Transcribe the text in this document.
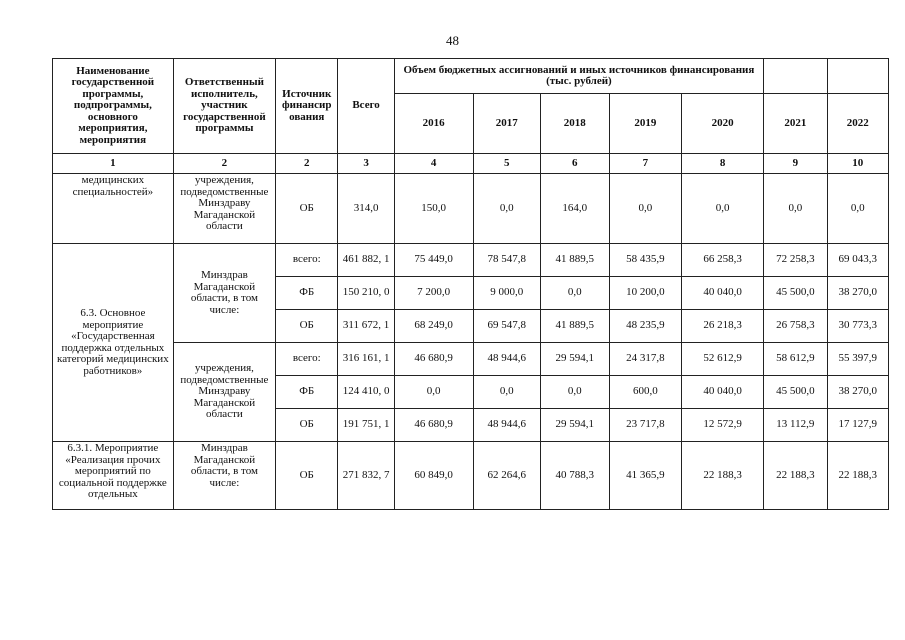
48
Наименование государственной программы, подпрограммы, основного мероприятия, мероприятия	Ответственный исполнитель, участник государственной программы	Источник финансир ования	Всего	Объем бюджетных ассигнований и иных источников финансирования (тыс. рублей)						
				2016	2017	2018	2019	2020	2021	2022
1	2	2	3	4	5	6	7	8	9	10
медицинских специальностей»	учреждения, подведомственные Минздраву Магаданской области	ОБ	314,0	150,0	0,0	164,0	0,0	0,0	0,0	0,0
6.3. Основное мероприятие «Государственная поддержка отдельных категорий медицинских работников»	Минздрав Магаданской области, в том числе:	всего:	461 882, 1	75 449,0	78 547,8	41 889,5	58 435,9	66 258,3	72 258,3	69 043,3
		ФБ	150 210, 0	7 200,0	9 000,0	0,0	10 200,0	40 040,0	45 500,0	38 270,0
		ОБ	311 672, 1	68 249,0	69 547,8	41 889,5	48 235,9	26 218,3	26 758,3	30 773,3
	учреждения, подведомственные Минздраву Магаданской области	всего:	316 161, 1	46 680,9	48 944,6	29 594,1	24 317,8	52 612,9	58 612,9	55 397,9
		ФБ	124 410, 0	0,0	0,0	0,0	600,0	40 040,0	45 500,0	38 270,0
		ОБ	191 751, 1	46 680,9	48 944,6	29 594,1	23 717,8	12 572,9	13 112,9	17 127,9
6.3.1. Мероприятие «Реализация прочих мероприятий по социальной поддержке отдельных	Минздрав Магаданской области, в том числе:	ОБ	271 832, 7	60 849,0	62 264,6	40 788,3	41 365,9	22 188,3	22 188,3	22 188,3
